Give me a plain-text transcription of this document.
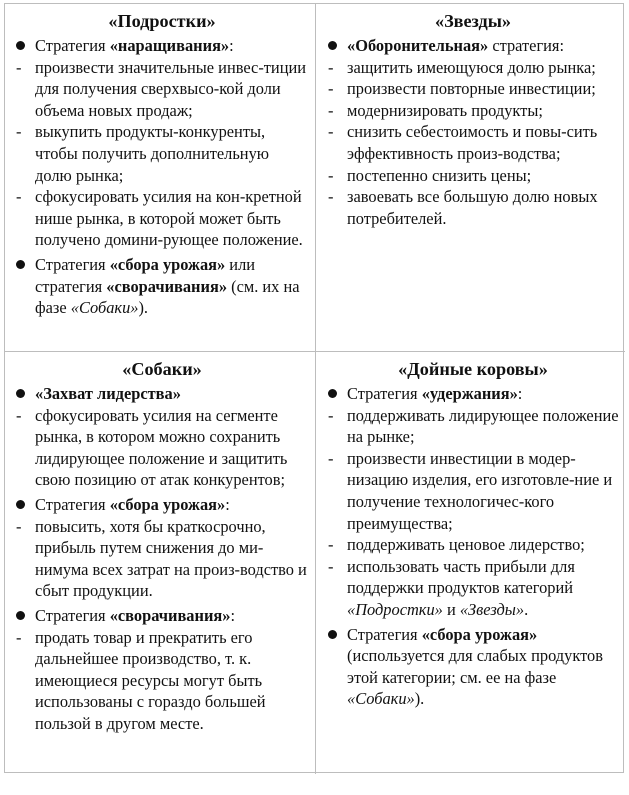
«Подростки»
Стратегия «наращивания»:
- произвести значительные инвес-тиции для получения сверхвысо-кой доли объема новых продаж;
- выкупить продукты-конкуренты, чтобы получить дополнительную долю рынка;
- сфокусировать усилия на кон-кретной нише рынка, в которой может быть получено домини-рующее положение.
Стратегия «сбора урожая» или стратегия «сворачивания» (см. их на фазе «Собаки»).
«Звезды»
«Оборонительная» стратегия:
- защитить имеющуюся долю рынка;
- произвести повторные инвестиции;
- модернизировать продукты;
- снизить себестоимость и повы-сить эффективность произ-водства;
- постепенно снизить цены;
- завоевать все большую долю новых потребителей.
«Собаки»
«Захват лидерства»
- сфокусировать усилия на сегменте рынка, в котором можно сохранить лидирующее положение и защитить свою позицию от атак конкурентов;
Стратегия «сбора урожая»:
- повысить, хотя бы краткосрочно, прибыль путем снижения до ми-нимума всех затрат на произ-водство и сбыт продукции.
Стратегия «сворачивания»:
- продать товар и прекратить его дальнейшее производство, т. к. имеющиеся ресурсы могут быть использованы с гораздо большей пользой в другом месте.
«Дойные коровы»
Стратегия «удержания»:
- поддерживать лидирующее положение на рынке;
- произвести инвестиции в модер-низацию изделия, его изготовле-ние и получение технологичес-кого преимущества;
- поддерживать ценовое лидерство;
- использовать часть прибыли для поддержки продуктов категорий «Подростки» и «Звезды».
Стратегия «сбора урожая» (используется для слабых продуктов этой категории; см. ее на фазе «Собаки»).
